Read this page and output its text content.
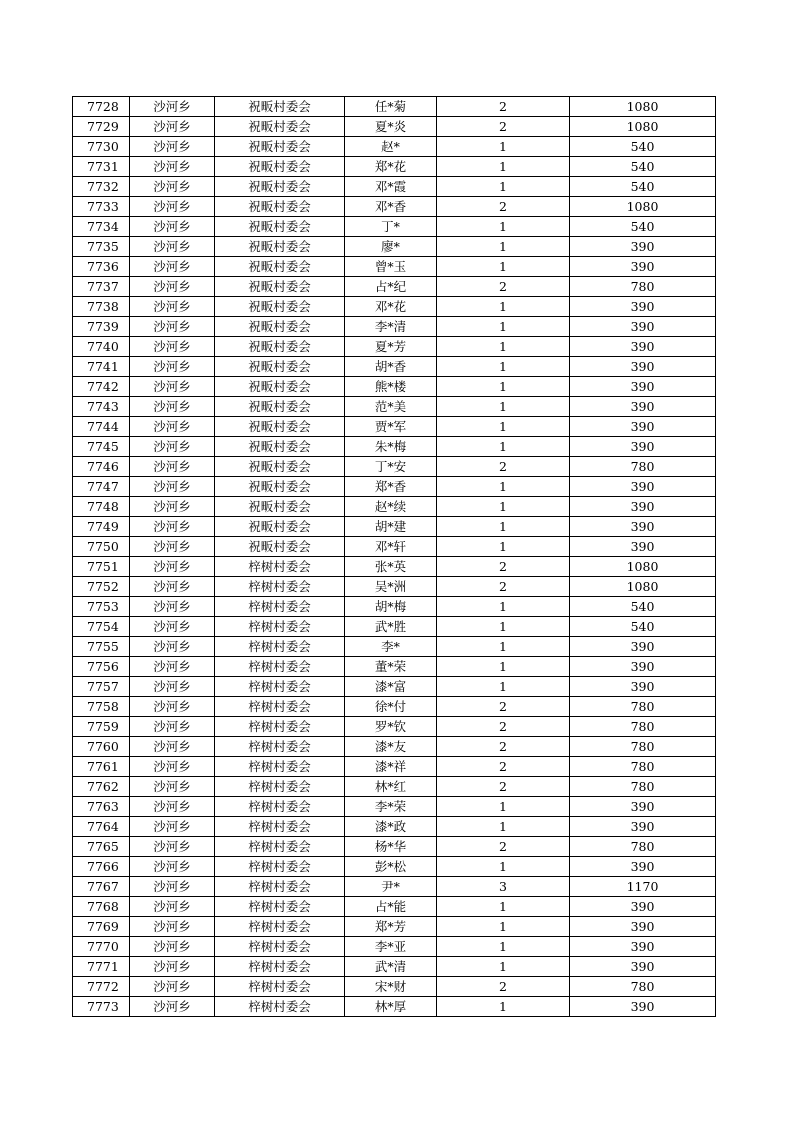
7728	沙河乡	祝畈村委会	任*菊	2	1080
7729	沙河乡	祝畈村委会	夏*炎	2	1080
7730	沙河乡	祝畈村委会	赵*	1	540
7731	沙河乡	祝畈村委会	郑*花	1	540
7732	沙河乡	祝畈村委会	邓*霞	1	540
7733	沙河乡	祝畈村委会	邓*香	2	1080
7734	沙河乡	祝畈村委会	丁*	1	540
7735	沙河乡	祝畈村委会	廖*	1	390
7736	沙河乡	祝畈村委会	曾*玉	1	390
7737	沙河乡	祝畈村委会	占*纪	2	780
7738	沙河乡	祝畈村委会	邓*花	1	390
7739	沙河乡	祝畈村委会	李*清	1	390
7740	沙河乡	祝畈村委会	夏*芳	1	390
7741	沙河乡	祝畈村委会	胡*香	1	390
7742	沙河乡	祝畈村委会	熊*楼	1	390
7743	沙河乡	祝畈村委会	范*美	1	390
7744	沙河乡	祝畈村委会	贾*军	1	390
7745	沙河乡	祝畈村委会	朱*梅	1	390
7746	沙河乡	祝畈村委会	丁*安	2	780
7747	沙河乡	祝畈村委会	郑*香	1	390
7748	沙河乡	祝畈村委会	赵*续	1	390
7749	沙河乡	祝畈村委会	胡*建	1	390
7750	沙河乡	祝畈村委会	邓*轩	1	390
7751	沙河乡	梓树村委会	张*英	2	1080
7752	沙河乡	梓树村委会	吴*洲	2	1080
7753	沙河乡	梓树村委会	胡*梅	1	540
7754	沙河乡	梓树村委会	武*胜	1	540
7755	沙河乡	梓树村委会	李*	1	390
7756	沙河乡	梓树村委会	董*荣	1	390
7757	沙河乡	梓树村委会	漆*富	1	390
7758	沙河乡	梓树村委会	徐*付	2	780
7759	沙河乡	梓树村委会	罗*钦	2	780
7760	沙河乡	梓树村委会	漆*友	2	780
7761	沙河乡	梓树村委会	漆*祥	2	780
7762	沙河乡	梓树村委会	林*红	2	780
7763	沙河乡	梓树村委会	李*荣	1	390
7764	沙河乡	梓树村委会	漆*政	1	390
7765	沙河乡	梓树村委会	杨*华	2	780
7766	沙河乡	梓树村委会	彭*松	1	390
7767	沙河乡	梓树村委会	尹*	3	1170
7768	沙河乡	梓树村委会	占*能	1	390
7769	沙河乡	梓树村委会	郑*芳	1	390
7770	沙河乡	梓树村委会	李*亚	1	390
7771	沙河乡	梓树村委会	武*清	1	390
7772	沙河乡	梓树村委会	宋*财	2	780
7773	沙河乡	梓树村委会	林*厚	1	390
